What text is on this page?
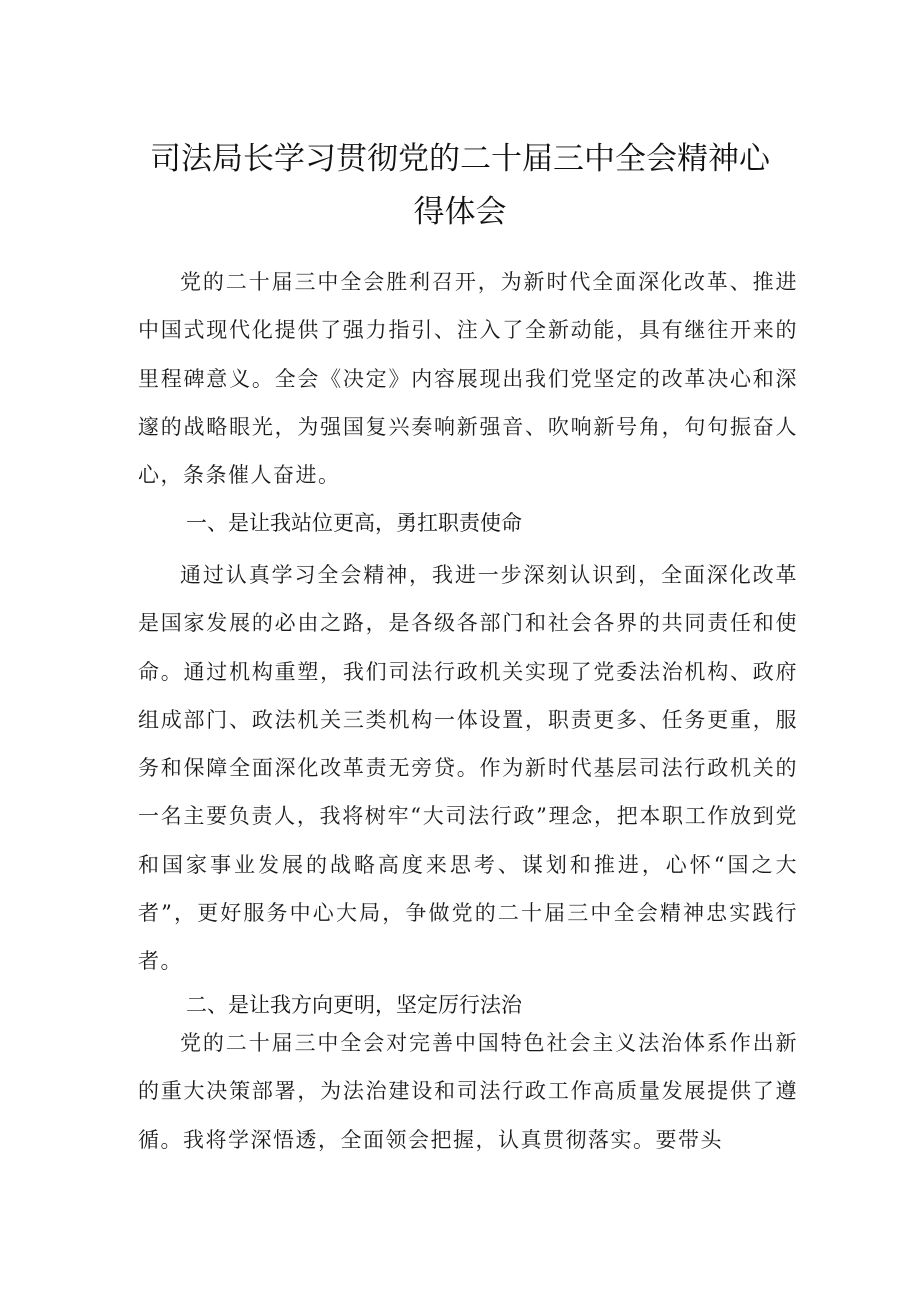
司法局长学习贯彻党的二十届三中全会精神心
得体会

党的二十届三中全会胜利召开，为新时代全面深化改革、推进中国式现代化提供了强力指引、注入了全新动能，具有继往开来的里程碑意义。全会《决定》内容展现出我们党坚定的改革决心和深邃的战略眼光，为强国复兴奏响新强音、吹响新号角，句句振奋人心，条条催人奋进。

一、是让我站位更高，勇扛职责使命

通过认真学习全会精神，我进一步深刻认识到，全面深化改革是国家发展的必由之路，是各级各部门和社会各界的共同责任和使命。通过机构重塑，我们司法行政机关实现了党委法治机构、政府组成部门、政法机关三类机构一体设置，职责更多、任务更重，服务和保障全面深化改革责无旁贷。作为新时代基层司法行政机关的一名主要负责人，我将树牢“大司法行政”理念，把本职工作放到党和国家事业发展的战略高度来思考、谋划和推进，心怀“国之大者”，更好服务中心大局，争做党的二十届三中全会精神忠实践行者。

二、是让我方向更明，坚定厉行法治

党的二十届三中全会对完善中国特色社会主义法治体系作出新的重大决策部署，为法治建设和司法行政工作高质量发展提供了遵循。我将学深悟透，全面领会把握，认真贯彻落实。要带头
